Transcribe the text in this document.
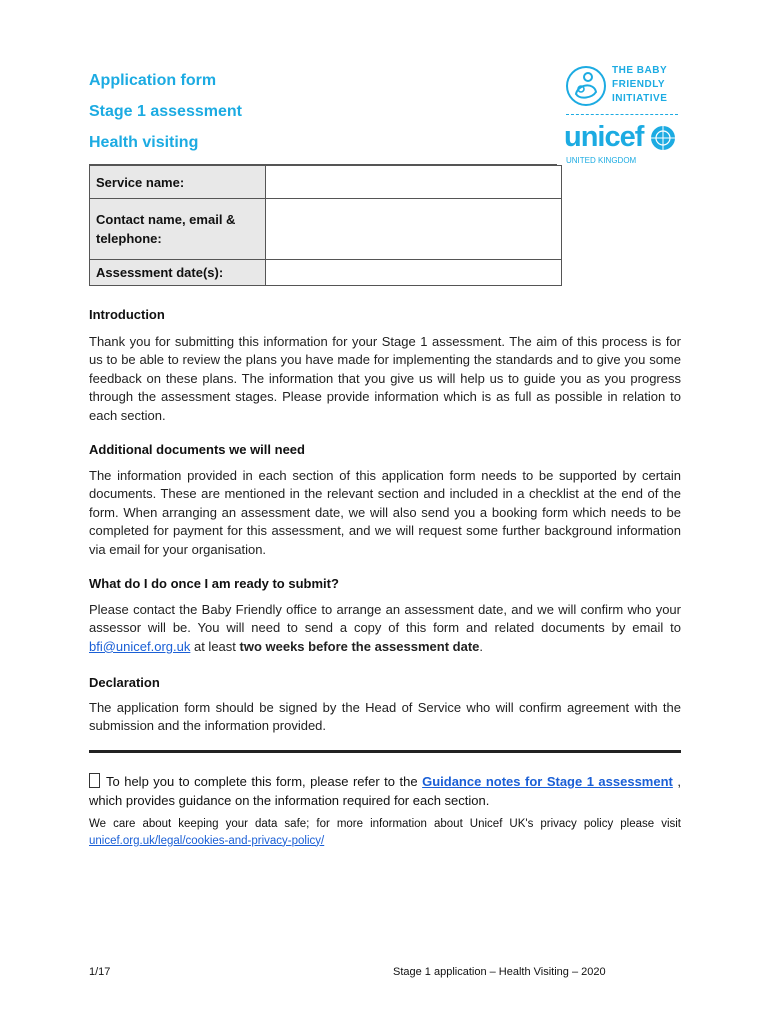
Application form
Stage 1 assessment
Health visiting
THE BABY
FRIENDLY
INITIATIVE
unicef
UNITED KINGDOM
Service name:	
Contact name, email & telephone:	
Assessment date(s):	
Introduction

Thank you for submitting this information for your Stage 1 assessment. The aim of this process is for us to be able to review the plans you have made for implementing the standards and to give you some feedback on these plans. The information that you give us will help us to guide you as you progress through the assessment stages. Please provide information which is as full as possible in relation to each section.

Additional documents we will need

The information provided in each section of this application form needs to be supported by certain documents. These are mentioned in the relevant section and included in a checklist at the end of the form. When arranging an assessment date, we will also send you a booking form which needs to be completed for payment for this assessment, and we will request some further background information via email for your organisation.

What do I do once I am ready to submit?

Please contact the Baby Friendly office to arrange an assessment date, and we will confirm who your assessor will be. You will need to send a copy of this form and related documents by email to bfi@unicef.org.uk at least two weeks before the assessment date.

Declaration

The application form should be signed by the Head of Service who will confirm agreement with the submission and the information provided.

To help you to complete this form, please refer to the Guidance notes for Stage 1 assessment , which provides guidance on the information required for each section.

We care about keeping your data safe; for more information about Unicef UK's privacy policy please visit unicef.org.uk/legal/cookies-and-privacy-policy/

1/17	Stage 1 application – Health Visiting – 2020
